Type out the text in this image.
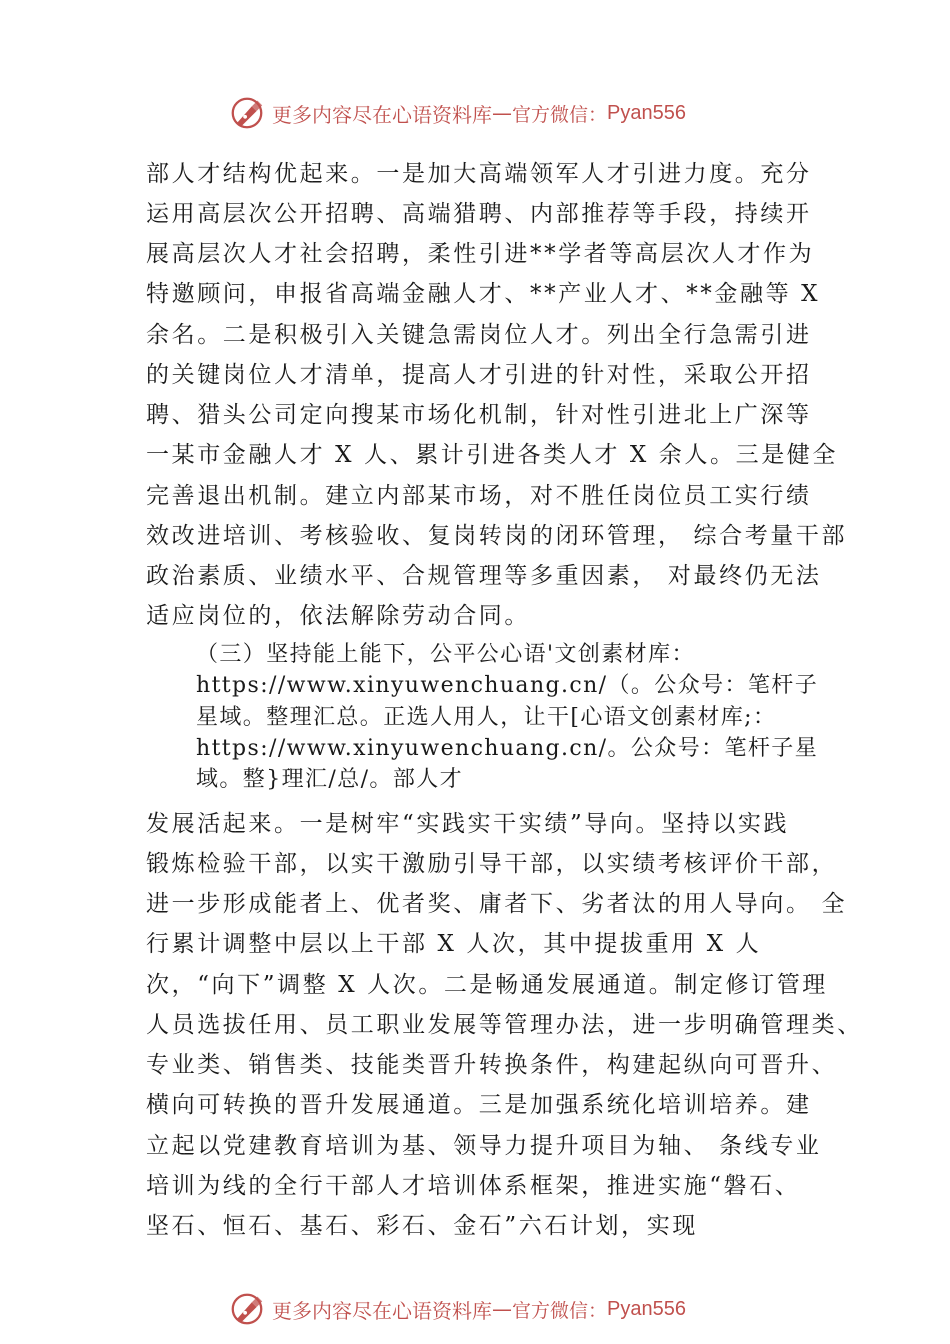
更多内容尽在心语资料库 — 官方微信： Pyan556
部人才结构优起来。一是加大高端领军人才引进力度。充分
运用高层次公开招聘、高端猎聘、内部推荐等手段，持续开
展高层次人才社会招聘，柔性引进**学者等高层次人才作为
特邀顾问，申报省高端金融人才、**产业人才、**金融等 X
余名。二是积极引入关键急需岗位人才。列出全行急需引进
的关键岗位人才清单，提高人才引进的针对性，采取公开招
聘、猎头公司定向搜某市场化机制，针对性引进北上广深等
一某市金融人才 X 人、累计引进各类人才 X 余人。三是健全
完善退出机制。建立内部某市场，对不胜任岗位员工实行绩
效改进培训、考核验收、复岗转岗的闭环管理， 综合考量干部
政治素质、业绩水平、合规管理等多重因素， 对最终仍无法
适应岗位的，依法解除劳动合同。
（三）坚持能上能下，公平公心语'文创素材库：
https://www.xinyuwenchuang.cn/（。公众号：笔杆子
星域。整理汇总。正选人用人，让干[心语文创素材库;：
https://www.xinyuwenchuang.cn/。公众号：笔杆子星
域。整}理汇/总/。部人才
发展活起来。一是树牢“实践实干实绩”导向。坚持以实践
锻炼检验干部，以实干激励引导干部，以实绩考核评价干部，
进一步形成能者上、优者奖、庸者下、劣者汰的用人导向。 全
行累计调整中层以上干部 X 人次，其中提拔重用 X 人
次，“向下”调整 X 人次。二是畅通发展通道。制定修订管理
人员选拔任用、员工职业发展等管理办法，进一步明确管理类、
专业类、销售类、技能类晋升转换条件，构建起纵向可晋升、
横向可转换的晋升发展通道。三是加强系统化培训培养。建
立起以党建教育培训为基、领导力提升项目为轴、 条线专业
培训为线的全行干部人才培训体系框架，推进实施“磐石、
坚石、恒石、基石、彩石、金石”六石计划，实现
更多内容尽在心语资料库 — 官方微信： Pyan556
